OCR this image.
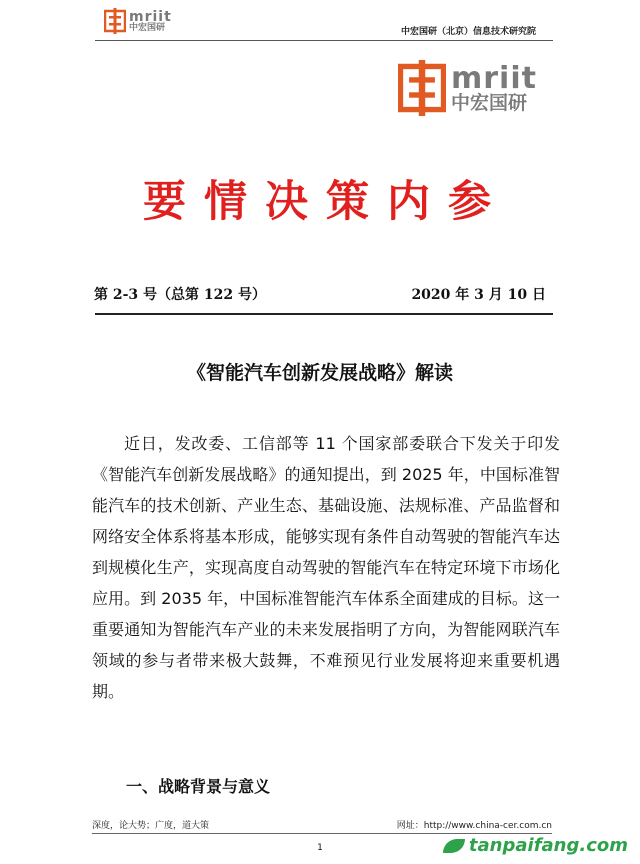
mriit
中宏国研	中宏国研（北京）信息技术研究院
mriit
中宏国研
要情决策内参
第 2-3 号（总第 122 号）	2020 年 3 月 10 日
《智能汽车创新发展战略》解读
近日，发改委、工信部等 11 个国家部委联合下发关于印发《智能汽车创新发展战略》的通知提出，到 2025 年，中国标准智能汽车的技术创新、产业生态、基础设施、法规标准、产品监督和网络安全体系将基本形成，能够实现有条件自动驾驶的智能汽车达到规模化生产，实现高度自动驾驶的智能汽车在特定环境下市场化应用。到 2035 年，中国标准智能汽车体系全面建成的目标。这一重要通知为智能汽车产业的未来发展指明了方向，为智能网联汽车领域的参与者带来极大鼓舞，不难预见行业发展将迎来重要机遇期。
一、战略背景与意义
深度，论大势；广度，道大策	网址：http://www.china-cer.com.cn
1	tanpaifang.com
